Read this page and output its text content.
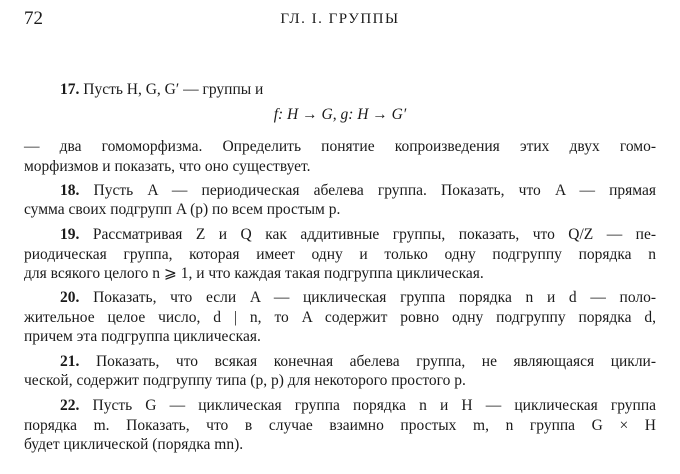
72	ГЛ. I. ГРУППЫ
17. Пусть H, G, G′ — группы и
f: H → G, g: H → G′
— два гомоморфизма. Определить понятие копроизведения этих двух гомо-
морфизмов и показать, что оно существует.
18. Пусть A — периодическая абелева группа. Показать, что A — прямая
сумма своих подгрупп A (p) по всем простым p.
19. Рассматривая Z и Q как аддитивные группы, показать, что Q/Z — пе-
риодическая группа, которая имеет одну и только одну подгруппу порядка n
для всякого целого n ⩾ 1, и что каждая такая подгруппа циклическая.
20. Показать, что если A — циклическая группа порядка n и d — поло-
жительное целое число, d | n, то A содержит ровно одну подгруппу порядка d,
причем эта подгруппа циклическая.
21. Показать, что всякая конечная абелева группа, не являющаяся цикли-
ческой, содержит подгруппу типа (p, p) для некоторого простого p.
22. Пусть G — циклическая группа порядка n и H — циклическая группа
порядка m. Показать, что в случае взаимно простых m, n группа G × H
будет циклической (порядка mn).
